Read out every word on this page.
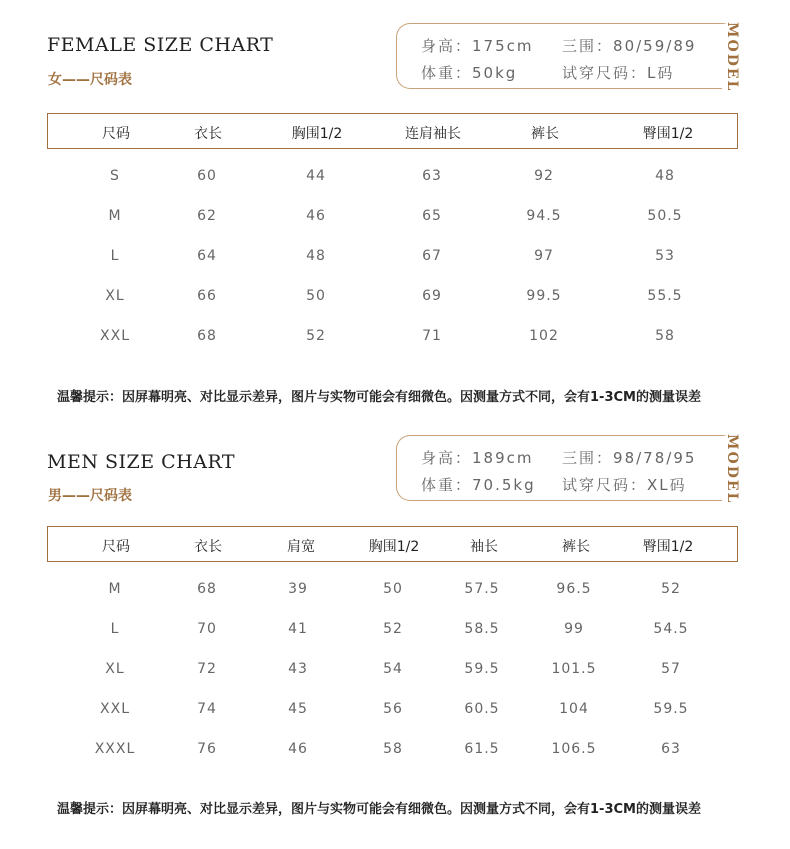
FEMALE SIZE CHART
女——尺码表
身高：175cm 三围：80/59/89
体重：50kg	试穿尺码：L码	MODEL
尺码	衣长	胸围1/2	连肩袖长	裤长	臀围1/2
S	60	44	63	92	48
M	62	46	65	94.5	50.5
L	64	48	67	97	53
XL	66	50	69	99.5	55.5
XXL	68	52	71	102	58
温馨提示：因屏幕明亮、对比显示差异，图片与实物可能会有细微色。因测量方式不同，会有1-3CM的测量误差
MEN SIZE CHART
男——尺码表
身高：189cm 三围：98/78/95
体重：70.5kg 试穿尺码：XL码	MODEL
尺码	衣长	肩宽	胸围1/2	袖长	裤长	臀围1/2
M	68	39	50	57.5	96.5	52
L	70	41	52	58.5	99	54.5
XL	72	43	54	59.5	101.5	57
XXL	74	45	56	60.5	104	59.5
XXXL	76	46	58	61.5	106.5	63
温馨提示：因屏幕明亮、对比显示差异，图片与实物可能会有细微色。因测量方式不同，会有1-3CM的测量误差
